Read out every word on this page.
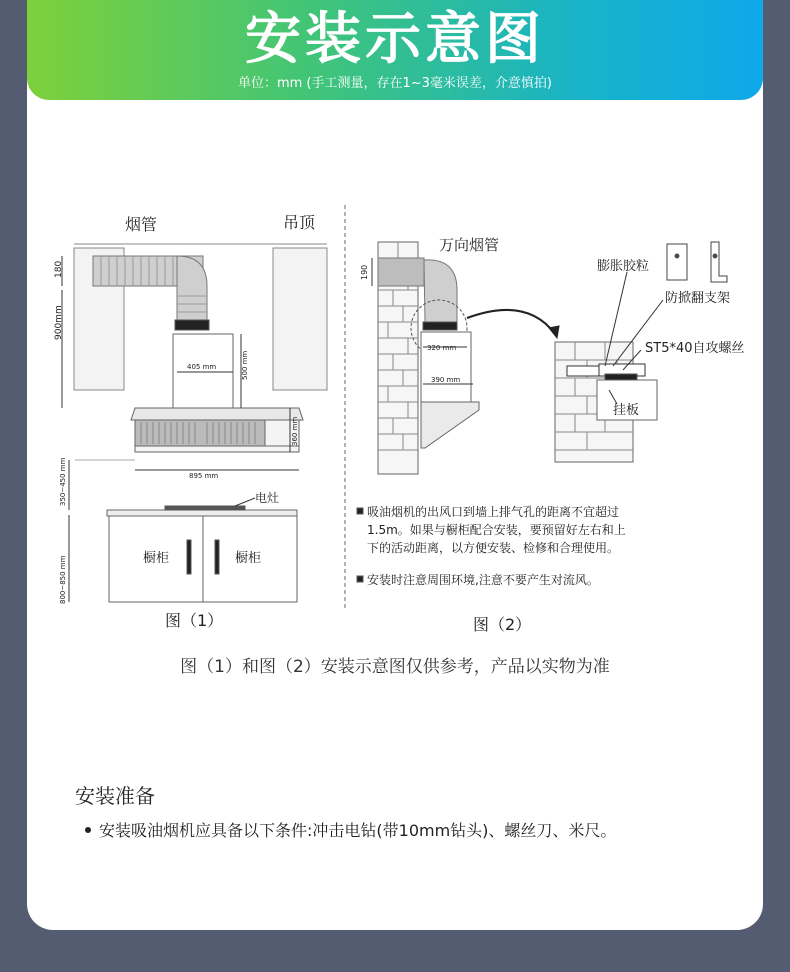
安装示意图
单位：mm (手工测量，存在1~3毫米误差，介意慎拍)
烟管	吊顶
180
900mm
405 mm	500 mm
360 mm
895 mm
350~450 mm
800~850 mm
电灶
橱柜	橱柜
图（1）
万向烟管
190
320 mm
390 mm
膨胀胶粒
防掀翻支架
ST5*40自攻螺丝
挂板
吸油烟机的出风口到墙上排气孔的距离不宜超过
1.5m。如果与橱柜配合安装，要预留好左右和上
下的活动距离，以方便安装、检修和合理使用。
安装时注意周围环境,注意不要产生对流风。
图（2）
图（1）和图（2）安装示意图仅供参考，产品以实物为准
安装准备
安装吸油烟机应具备以下条件:冲击电钻(带10mm钻头)、螺丝刀、米尺。
